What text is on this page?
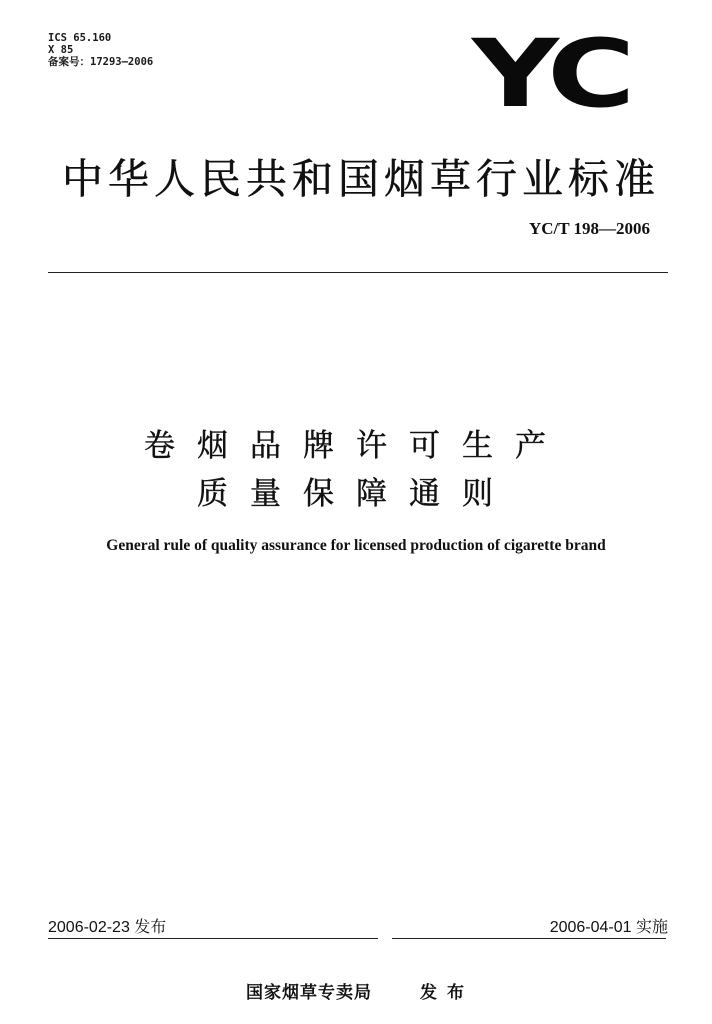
ICS 65.160
X 85
备案号：17293—2006	YC
中华人民共和国烟草行业标准
YC/T 198—2006
卷烟品牌许可生产
质量保障通则
General rule of quality assurance for licensed production of cigarette brand
2006-02-23 发布	2006-04-01 实施
国家烟草专卖局	发布
